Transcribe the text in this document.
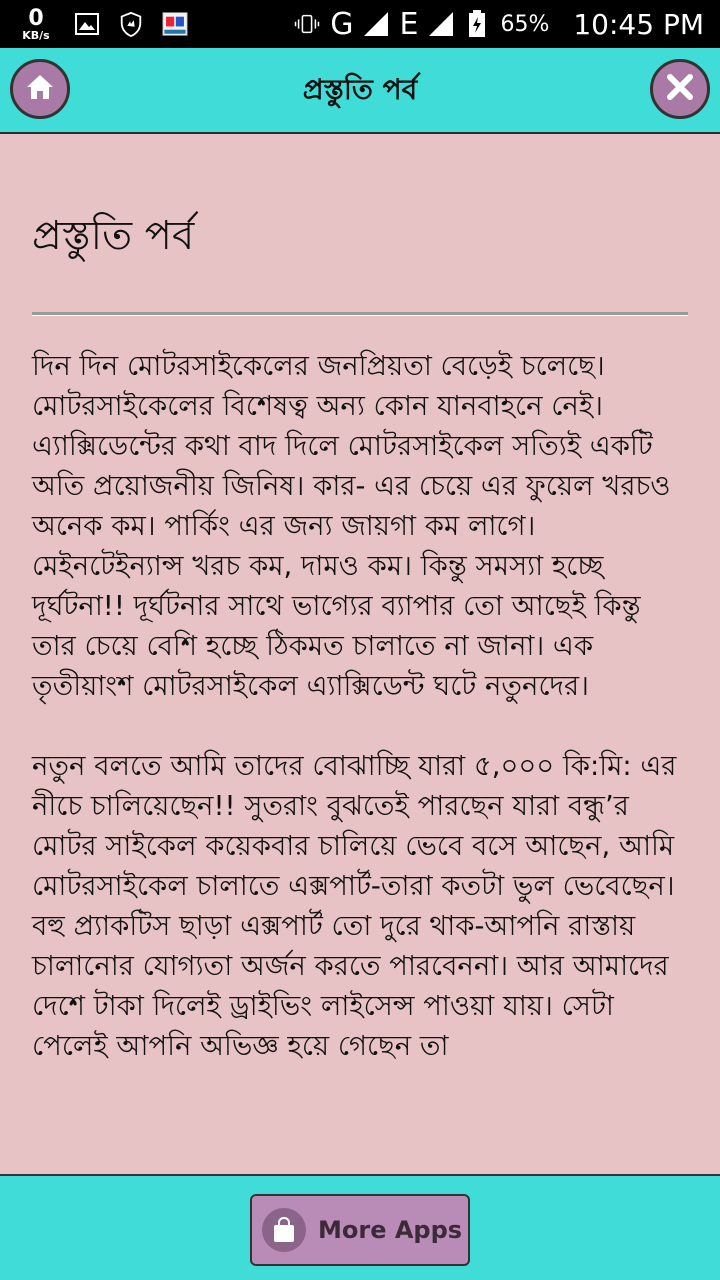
0
KB/s	G E	65% 10:45 PM
প্রস্তুতি পর্ব
প্রস্তুতি পর্ব

দিন দিন মোটরসাইকেলের জনপ্রিয়তা বেড়েই চলেছে। মোটরসাইকেলের বিশেষত্ব অন্য কোন যানবাহনে নেই। এ্যাক্সিডেন্টের কথা বাদ দিলে মোটরসাইকেল সত্যিই একটি অতি প্রয়োজনীয় জিনিষ। কার- এর চেয়ে এর ফুয়েল খরচও অনেক কম। পার্কিং এর জন্য জায়গা কম লাগে। মেইনটেইন্যান্স খরচ কম, দামও কম। কিন্তু সমস্যা হচ্ছে দূর্ঘটনা!! দূর্ঘটনার সাথে ভাগ্যের ব্যাপার তো আছেই কিন্তু তার চেয়ে বেশি হচ্ছে ঠিকমত চালাতে না জানা। এক তৃতীয়াংশ মোটরসাইকেল এ্যাক্সিডেন্ট ঘটে নতুনদের।

নতুন বলতে আমি তাদের বোঝাচ্ছি যারা ৫,০০০ কি:মি: এর নীচে চালিয়েছেন!! সুতরাং বুঝতেই পারছেন যারা বন্ধু’র মোটর সাইকেল কয়েকবার চালিয়ে ভেবে বসে আছেন, আমি মোটরসাইকেল চালাতে এক্সপার্ট-তারা কতটা ভুল ভেবেছেন। বহু প্র্যাকটিস ছাড়া এক্সপার্ট তো দুরে থাক-আপনি রাস্তায় চালানোর যোগ্যতা অর্জন করতে পারবেননা। আর আমাদের দেশে টাকা দিলেই ড্রাইভিং লাইসেন্স পাওয়া যায়। সেটা পেলেই আপনি অভিজ্ঞ হয়ে গেছেন তা

More Apps
